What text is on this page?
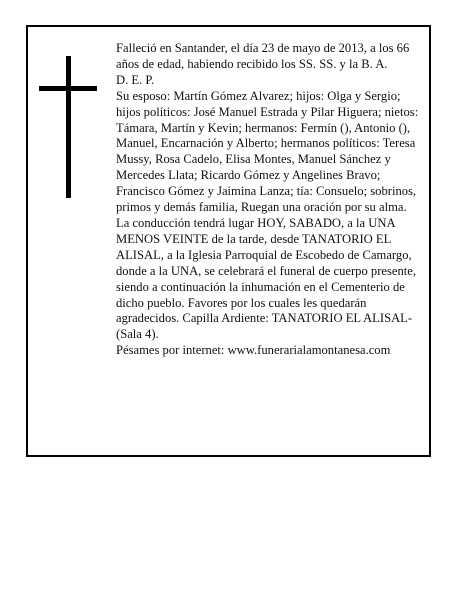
Falleció en Santander, el día 23 de mayo de 2013, a los 66 años de edad, habiendo recibido los SS. SS. y la B. A.

D. E. P.

Su esposo: Martín Gómez Alvarez; hijos: Olga y Sergio; hijos políticos: José Manuel Estrada y Pilar Higuera; nietos: Támara, Martín y Kevin; hermanos: Fermín (), Antonio (), Manuel, Encarnación y Alberto; hermanos políticos: Teresa Mussy, Rosa Cadelo, Elisa Montes, Manuel Sánchez y Mercedes Llata; Ricardo Gómez y Angelines Bravo; Francisco Gómez y Jaimina Lanza; tía: Consuelo; sobrinos, primos y demás familia, Ruegan una oración por su alma. La conducción tendrá lugar HOY, SABADO, a la UNA MENOS VEINTE de la tarde, desde TANATORIO EL ALISAL, a la Iglesia Parroquial de Escobedo de Camargo, donde a la UNA, se celebrará el funeral de cuerpo presente, siendo a continuación la inhumación en el Cementerio de dicho pueblo. Favores por los cuales les quedarán agradecidos. Capilla Ardiente: TANATORIO EL ALISAL-(Sala 4).

Pésames por internet: www.funerarialamontanesa.com
